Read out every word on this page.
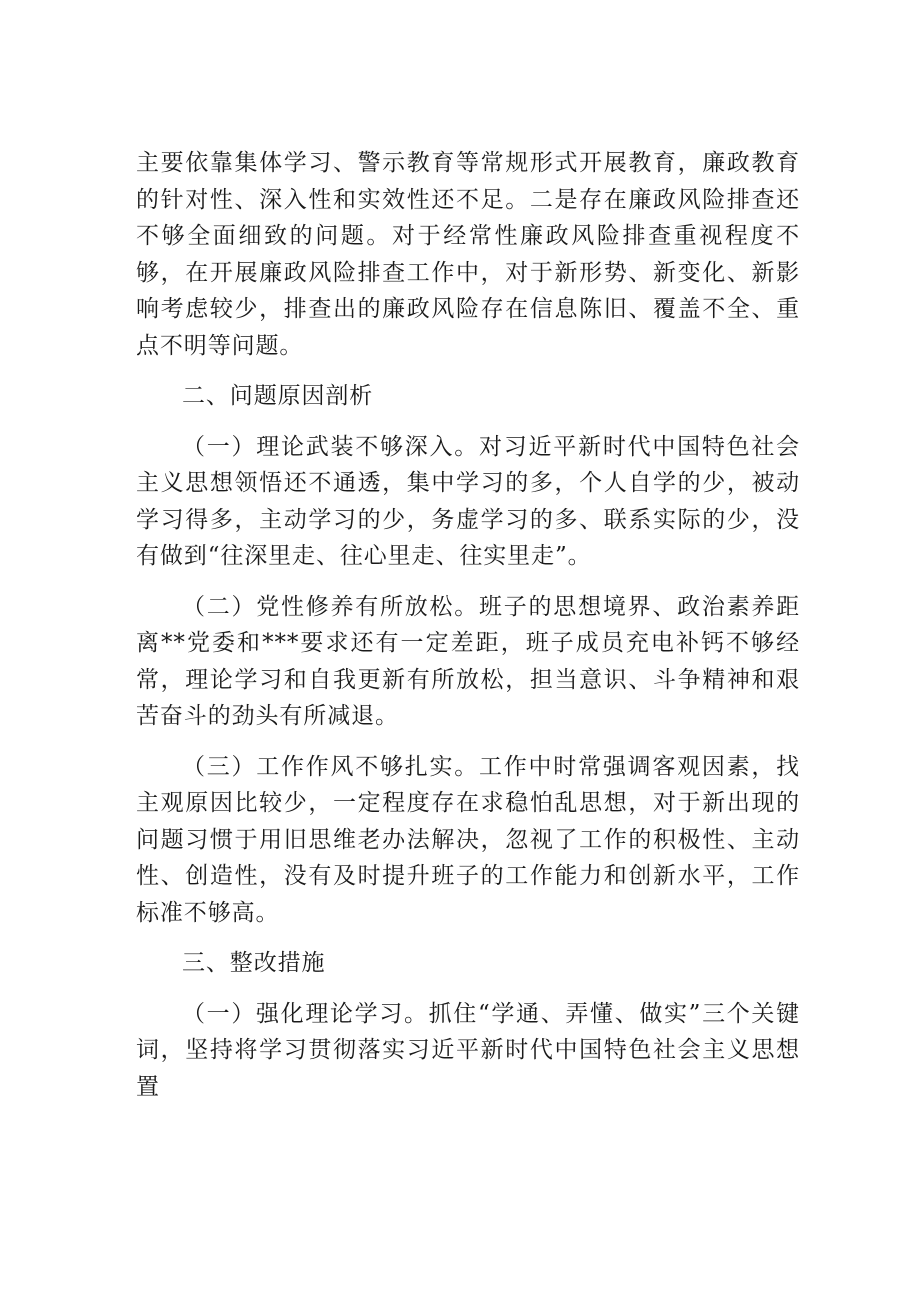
主要依靠集体学习、警示教育等常规形式开展教育，廉政教育的针对性、深入性和实效性还不足。二是存在廉政风险排查还不够全面细致的问题。对于经常性廉政风险排查重视程度不够，在开展廉政风险排查工作中，对于新形势、新变化、新影响考虑较少，排查出的廉政风险存在信息陈旧、覆盖不全、重点不明等问题。

二、问题原因剖析

（一）理论武装不够深入。对习近平新时代中国特色社会主义思想领悟还不通透，集中学习的多，个人自学的少，被动学习得多，主动学习的少，务虚学习的多、联系实际的少，没有做到“往深里走、往心里走、往实里走”。

（二）党性修养有所放松。班子的思想境界、政治素养距离**党委和***要求还有一定差距，班子成员充电补钙不够经常，理论学习和自我更新有所放松，担当意识、斗争精神和艰苦奋斗的劲头有所减退。

（三）工作作风不够扎实。工作中时常强调客观因素，找主观原因比较少，一定程度存在求稳怕乱思想，对于新出现的问题习惯于用旧思维老办法解决，忽视了工作的积极性、主动性、创造性，没有及时提升班子的工作能力和创新水平，工作标准不够高。

三、整改措施

（一）强化理论学习。抓住“学通、弄懂、做实”三个关键词，坚持将学习贯彻落实习近平新时代中国特色社会主义思想置
